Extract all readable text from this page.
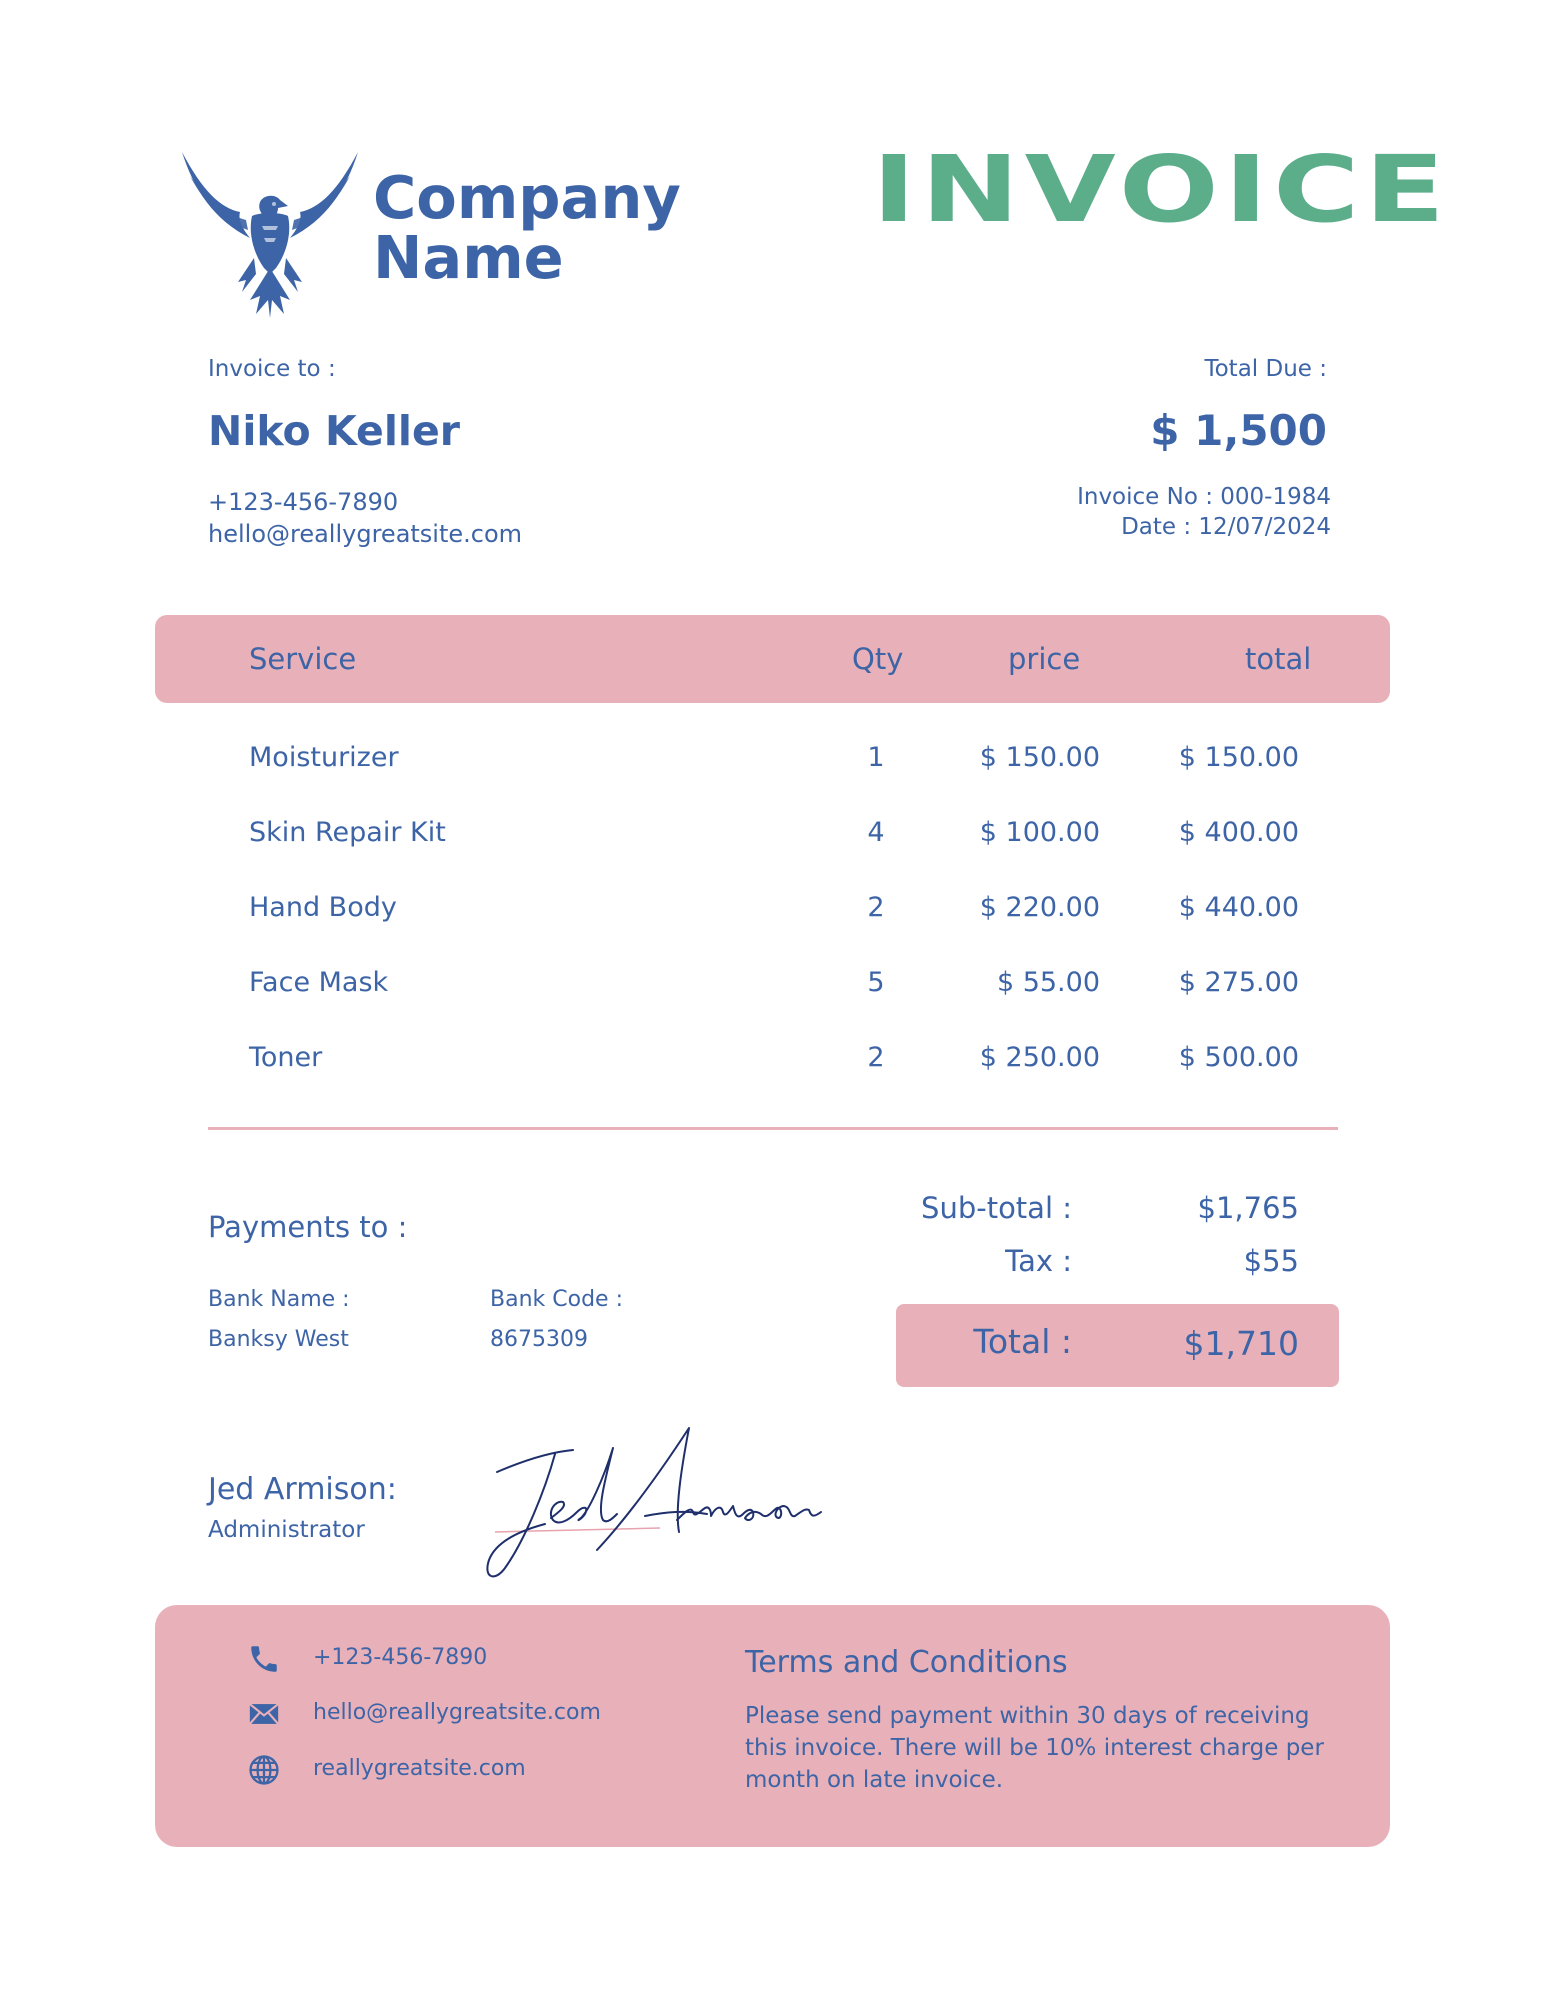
Company Name
INVOICE
Invoice to :
Niko Keller
+123-456-7890
hello@reallygreatsite.com
Total Due :
$ 1,500
Invoice No : 000-1984
Date : 12/07/2024
Service	Qty	price	total
Moisturizer	1	$ 150.00	$ 150.00
Skin Repair Kit	4	$ 100.00	$ 400.00
Hand Body	2	$ 220.00	$ 440.00
Face Mask	5	$ 55.00	$ 275.00
Toner	2	$ 250.00	$ 500.00
Payments to :
Bank Name :
Banksy West
Bank Code :
8675309
Sub-total :	$1,765
Tax :	$55
Total :	$1,710
Jed Armison:
Administrator
+123-456-7890
hello@reallygreatsite.com
reallygreatsite.com
Terms and Conditions
Please send payment within 30 days of receiving this invoice. There will be 10% interest charge per month on late invoice.
